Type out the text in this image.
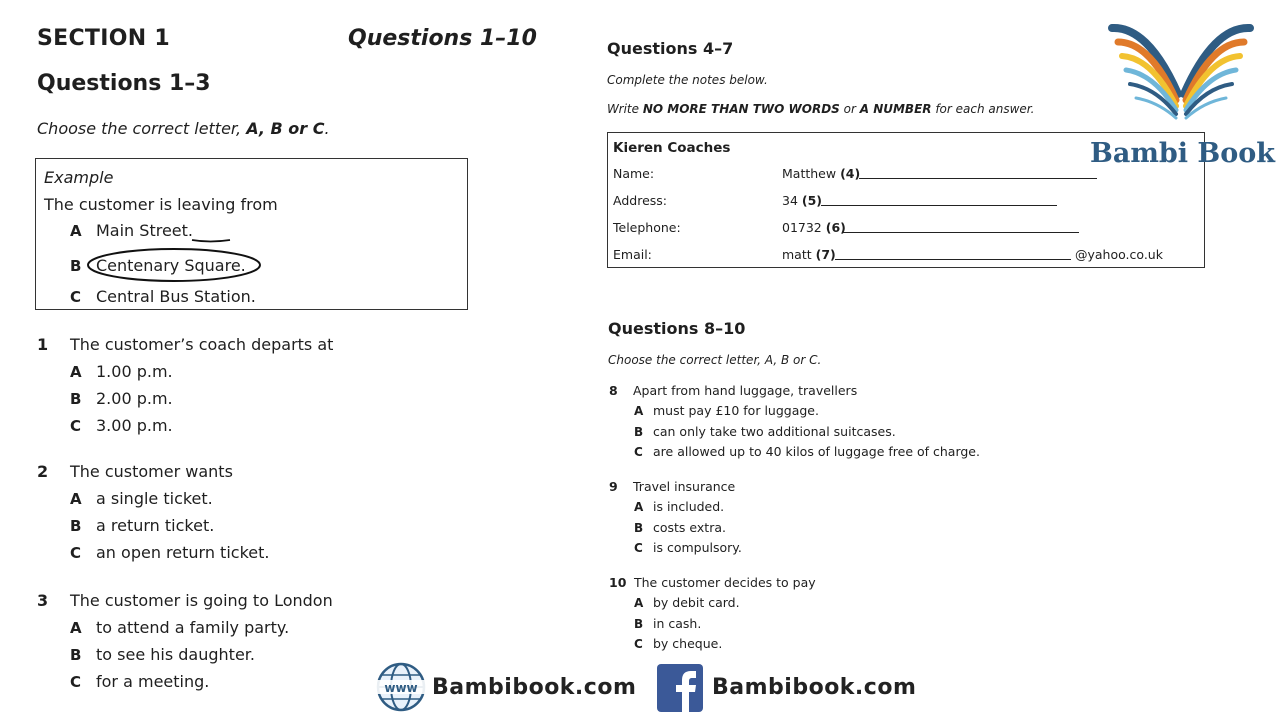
SECTION 1	Questions 1–10
Questions 1–3
Choose the correct letter, A, B or C.
Example
The customer is leaving from
A Main Street.
B Centenary Square.
C Central Bus Station.
1 The customer’s coach departs at
A 1.00 p.m.
B 2.00 p.m.
C 3.00 p.m.
2 The customer wants
A a single ticket.
B a return ticket.
C an open return ticket.
3 The customer is going to London
A to attend a family party.
B to see his daughter.
C for a meeting.
Questions 4–7
Complete the notes below.
Write NO MORE THAN TWO WORDS or A NUMBER for each answer.
Kieren Coaches
Name:	Matthew (4)
Address:	34 (5)
Telephone:	01732 (6)
Email:	matt (7)	@yahoo.co.uk
Questions 8–10
Choose the correct letter, A, B or C.
8 Apart from hand luggage, travellers
A must pay £10 for luggage.
B can only take two additional suitcases.
C are allowed up to 40 kilos of luggage free of charge.
9 Travel insurance
A is included.
B costs extra.
C is compulsory.
10 The customer decides to pay
A by debit card.
B in cash.
C by cheque.
Bambi Book
www Bambibook.com	Bambibook.com
